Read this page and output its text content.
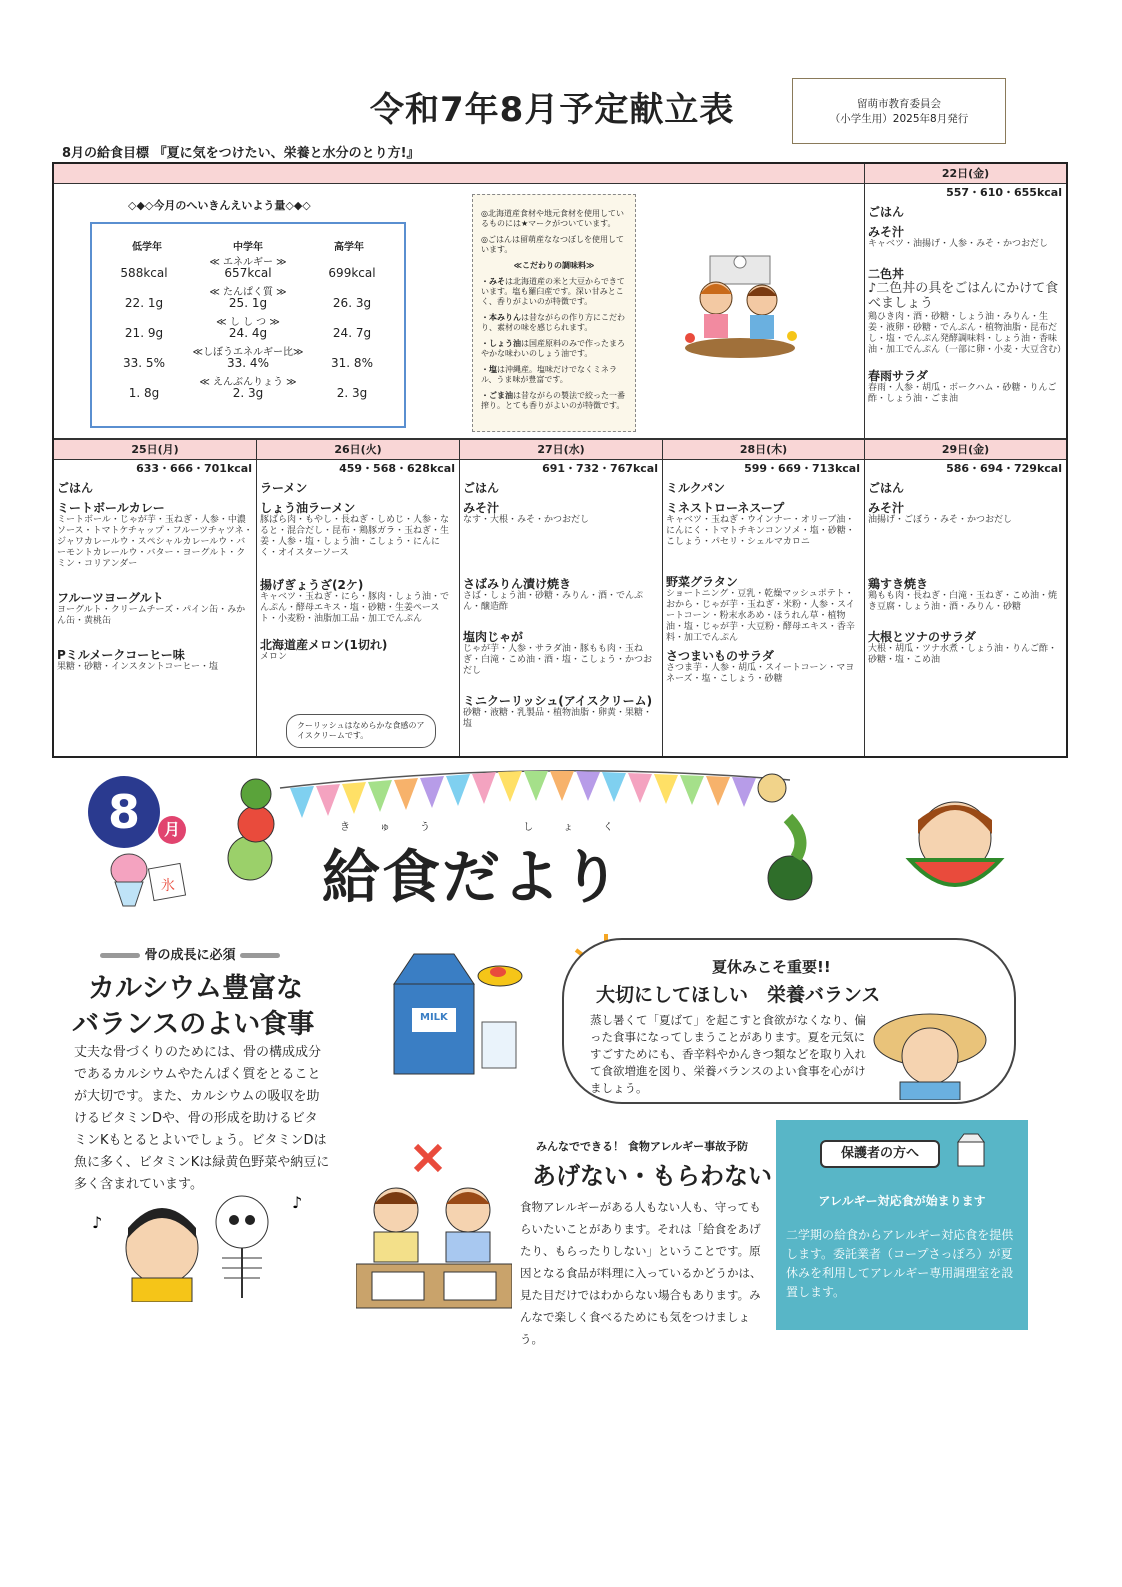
令和7年8月予定献立表	留萌市教育委員会
（小学生用）2025年8月発行
8月の給食目標 『夏に気をつけたい、栄養と水分のとり方!』
22日(金)
557・610・655kcal
ごはん
みそ汁
キャベツ・油揚げ・人参・みそ・かつおだし
二色丼
♪二色丼の具をごはんにかけて食べましょう
鶏ひき肉・酒・砂糖・しょう油・みりん・生姜・液卵・砂糖・でんぷん・植物油脂・昆布だし・塩・でんぷん発酵調味料・しょう油・香味油・加工でんぷん（一部に卵・小麦・大豆含む）
春雨サラダ
春雨・人参・胡瓜・ボークハム・砂糖・りんご酢・しょう油・ごま油
25日(月)
633・666・701kcal
ごはん
ミートボールカレー
ミートボール・じゃが芋・玉ねぎ・人参・中濃ソース・トマトケチャップ・フルーツチャツネ・ジャワカレールウ・スペシャルカレールウ・バーモントカレールウ・バター・ヨーグルト・クミン・コリアンダー
フルーツヨーグルト
ヨーグルト・クリームチーズ・パイン缶・みかん缶・黄桃缶
Pミルメークコーヒー味
果糖・砂糖・インスタントコーヒー・塩
26日(火)
459・568・628kcal
ラーメン
しょう油ラーメン
豚ばら肉・もやし・長ねぎ・しめじ・人参・なると・混合だし・昆布・鶏豚ガラ・玉ねぎ・生姜・人参・塩・しょう油・こしょう・にんにく・オイスターソース
揚げぎょうざ(2ケ)
キャベツ・玉ねぎ・にら・豚肉・しょう油・でんぷん・酵母エキス・塩・砂糖・生姜ペースト・小麦粉・油脂加工品・加工でんぷん
北海道産メロン(1切れ)
メロン
クーリッシュはなめらかな食感のアイスクリームです。
27日(水)
691・732・767kcal
ごはん
みそ汁
なす・大根・みそ・かつおだし
さばみりん漬け焼き
さば・しょう油・砂糖・みりん・酒・でんぷん・醸造酢
塩肉じゃが
じゃが芋・人参・サラダ油・豚もも肉・玉ねぎ・白滝・こめ油・酒・塩・こしょう・かつおだし
ミニクーリッシュ(アイスクリーム)
砂糖・液糖・乳製品・植物油脂・卵黄・果糖・塩
28日(木)
599・669・713kcal
ミルクパン
ミネストローネスープ
キャベツ・玉ねぎ・ウインナー・オリーブ油・にんにく・トマトチキンコンソメ・塩・砂糖・こしょう・パセリ・シェルマカロニ
野菜グラタン
ショートニング・豆乳・乾燥マッシュポテト・おから・じゃが芋・玉ねぎ・米粉・人参・スイートコーン・粉末水あめ・ほうれん草・植物油・塩・じゃが芋・大豆粉・酵母エキス・香辛料・加工でんぷん
さつまいものサラダ
さつま芋・人参・胡瓜・スイートコーン・マヨネーズ・塩・こしょう・砂糖
29日(金)
586・694・729kcal
ごはん
みそ汁
油揚げ・ごぼう・みそ・かつおだし
鶏すき焼き
鶏もも肉・長ねぎ・白滝・玉ねぎ・こめ油・焼き豆腐・しょう油・酒・みりん・砂糖
大根とツナのサラダ
大根・胡瓜・ツナ水煮・しょう油・りんご酢・砂糖・塩・こめ油
◇◆◇今月のへいきんえいよう量◇◆◇
低学年	中学年	高学年
≪ エネルギー ≫
588kcal	657kcal	699kcal
≪ たんぱく質 ≫
22. 1g	25. 1g	26. 3g
≪ し し つ ≫
21. 9g	24. 4g	24. 7g
≪しぼうエネルギー比≫
33. 5%	33. 4%	31. 8%
≪ えんぶんりょう ≫
1. 8g	2. 3g	2. 3g

◎北海道産食材や地元食材を使用しているものには★マークがついています。

◎ごはんは留萌産ななつぼしを使用しています。

≪こだわりの調味料≫

・みそは北海道産の米と大豆からできています。塩も羅臼産です。深い甘みとこく、香りがよいのが特徴です。

・本みりんは昔ながらの作り方にこだわり、素材の味を感じられます。

・しょう油は国産原料のみで作ったまろやかな味わいのしょう油です。

・塩は沖縄産。塩味だけでなくミネラル、うま味が豊富です。

・ごま油は昔ながらの製法で絞った一番搾り。とても香りがよいのが特徴です。

8	月	きゅう	しょく
給食だより
氷
骨の成長に必須
カルシウム豊富な
バランスのよい食事
丈夫な骨づくりのためには、骨の構成成分であるカルシウムやたんぱく質をとることが大切です。また、カルシウムの吸収を助けるビタミンDや、骨の形成を助けるビタミンKもとるとよいでしょう。ビタミンDは魚に多く、ビタミンKは緑黄色野菜や納豆に多く含まれています。
♪
♪
MILK
夏休みこそ重要!!
大切にしてほしい　栄養バランス
蒸し暑くて「夏ばて」を起こすと食欲がなくなり、偏った食事になってしまうことがあります。夏を元気にすごすためにも、香辛料やかんきつ類などを取り入れて食欲増進を図り、栄養バランスのよい食事を心がけましょう。
みんなでできる！ 食物アレルギー事故予防
あげない・もらわない
食物アレルギーがある人もない人も、守ってもらいたいことがあります。それは「給食をあげたり、もらったりしない」ということです。原因となる食品が料理に入っているかどうかは、見た目だけではわからない場合もあります。みんなで楽しく食べるためにも気をつけましょう。
保護者の方へ
アレルギー対応食が始まります
二学期の給食からアレルギー対応食を提供します。委託業者（コープさっぽろ）が夏休みを利用してアレルギー専用調理室を設置します。
